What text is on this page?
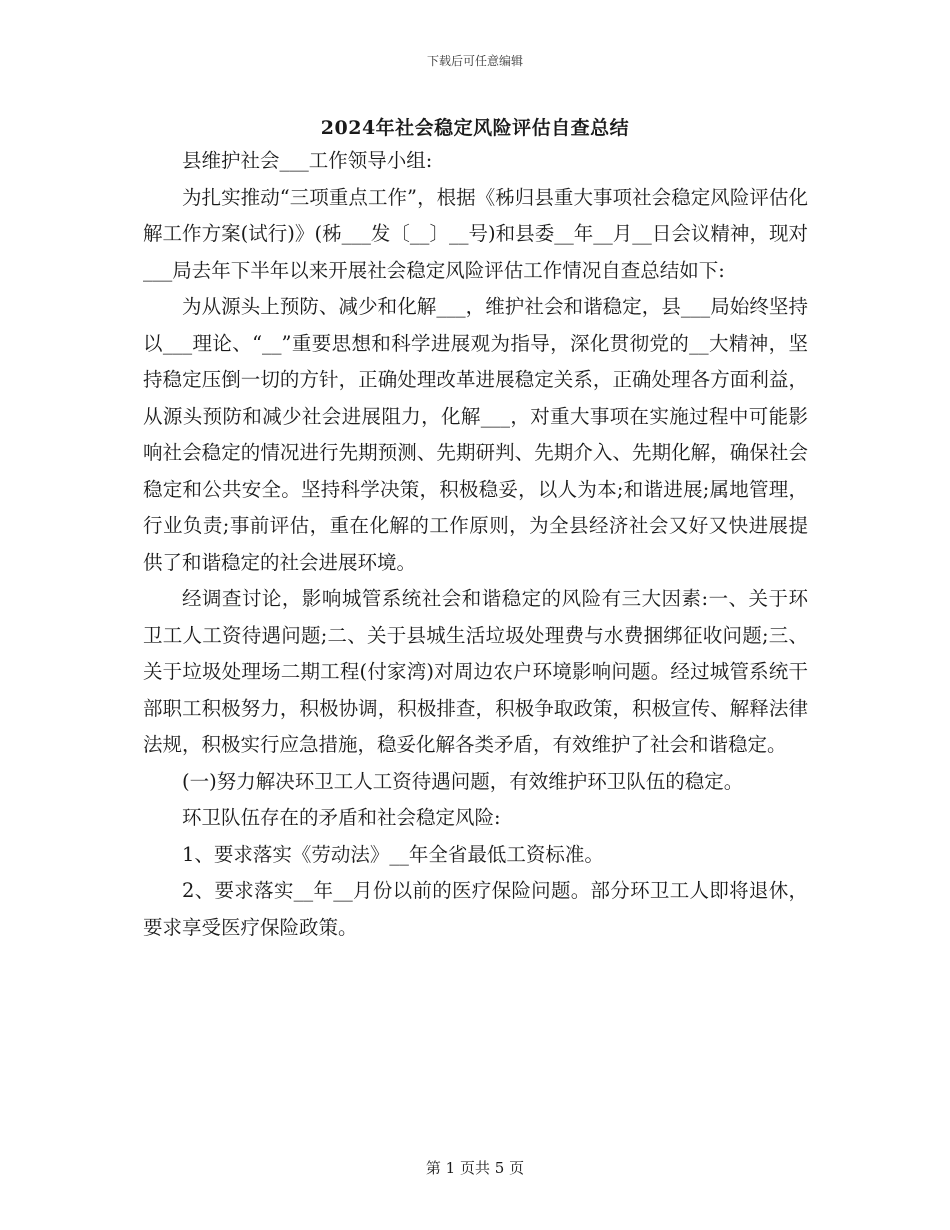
下载后可任意编辑
2024年社会稳定风险评估自查总结

县维护社会___工作领导小组:

为扎实推动“三项重点工作”，根据《秭归县重大事项社会稳定风险评估化解工作方案(试行)》(秭___发〔__〕__号)和县委__年__月__日会议精神，现对___局去年下半年以来开展社会稳定风险评估工作情况自查总结如下:

为从源头上预防、减少和化解___，维护社会和谐稳定，县___局始终坚持以___理论、“__”重要思想和科学进展观为指导，深化贯彻党的__大精神，坚持稳定压倒一切的方针，正确处理改革进展稳定关系，正确处理各方面利益，从源头预防和减少社会进展阻力，化解___，对重大事项在实施过程中可能影响社会稳定的情况进行先期预测、先期研判、先期介入、先期化解，确保社会稳定和公共安全。坚持科学决策，积极稳妥，以人为本;和谐进展;属地管理，行业负责;事前评估，重在化解的工作原则，为全县经济社会又好又快进展提供了和谐稳定的社会进展环境。

经调查讨论，影响城管系统社会和谐稳定的风险有三大因素:一、关于环卫工人工资待遇问题;二、关于县城生活垃圾处理费与水费捆绑征收问题;三、关于垃圾处理场二期工程(付家湾)对周边农户环境影响问题。经过城管系统干部职工积极努力，积极协调，积极排查，积极争取政策，积极宣传、解释法律法规，积极实行应急措施，稳妥化解各类矛盾，有效维护了社会和谐稳定。

(一)努力解决环卫工人工资待遇问题，有效维护环卫队伍的稳定。

环卫队伍存在的矛盾和社会稳定风险:

1、要求落实《劳动法》__年全省最低工资标准。

2、要求落实__年__月份以前的医疗保险问题。部分环卫工人即将退休，要求享受医疗保险政策。

第 1 页共 5 页
